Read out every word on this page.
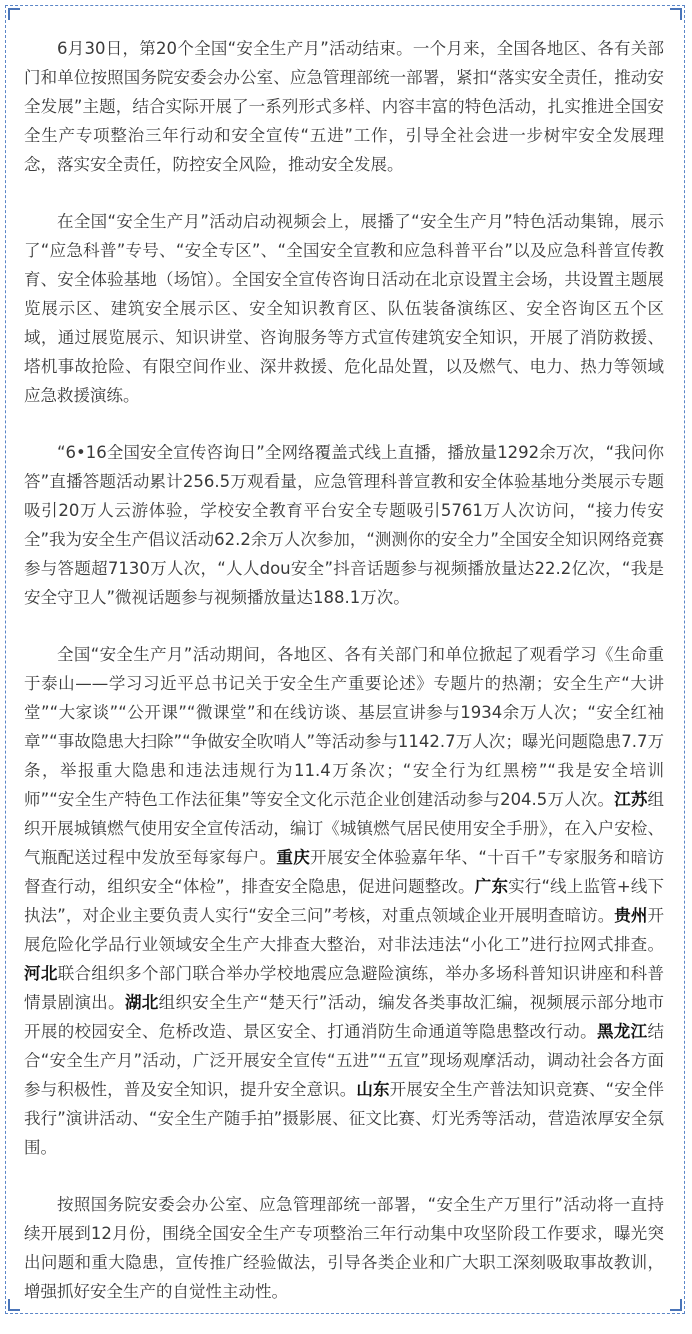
6月30日，第20个全国“安全生产月”活动结束。一个月来，全国各地区、各有关部门和单位按照国务院安委会办公室、应急管理部统一部署，紧扣“落实安全责任，推动安全发展”主题，结合实际开展了一系列形式多样、内容丰富的特色活动，扎实推进全国安全生产专项整治三年行动和安全宣传“五进”工作，引导全社会进一步树牢安全发展理念，落实安全责任，防控安全风险，推动安全发展。

在全国“安全生产月”活动启动视频会上，展播了“安全生产月”特色活动集锦，展示了“应急科普”专号、“安全专区”、“全国安全宣教和应急科普平台”以及应急科普宣传教育、安全体验基地（场馆）。全国安全宣传咨询日活动在北京设置主会场，共设置主题展览展示区、建筑安全展示区、安全知识教育区、队伍装备演练区、安全咨询区五个区域，通过展览展示、知识讲堂、咨询服务等方式宣传建筑安全知识，开展了消防救援、塔机事故抢险、有限空间作业、深井救援、危化品处置，以及燃气、电力、热力等领域应急救援演练。

“6•16全国安全宣传咨询日”全网络覆盖式线上直播，播放量1292余万次，“我问你答”直播答题活动累计256.5万观看量，应急管理科普宣教和安全体验基地分类展示专题吸引20万人云游体验，学校安全教育平台安全专题吸引5761万人次访问，“接力传安全”我为安全生产倡议活动62.2余万人次参加，“测测你的安全力”全国安全知识网络竞赛参与答题超7130万人次，“人人dou安全”抖音话题参与视频播放量达22.2亿次，“我是安全守卫人”微视话题参与视频播放量达188.1万次。

全国“安全生产月”活动期间，各地区、各有关部门和单位掀起了观看学习《生命重于泰山——学习习近平总书记关于安全生产重要论述》专题片的热潮；安全生产“大讲堂”“大家谈”“公开课”“微课堂”和在线访谈、基层宣讲参与1934余万人次；“安全红袖章”“事故隐患大扫除”“争做安全吹哨人”等活动参与1142.7万人次；曝光问题隐患7.7万条，举报重大隐患和违法违规行为11.4万条次；“安全行为红黑榜”“我是安全培训师”“安全生产特色工作法征集”等安全文化示范企业创建活动参与204.5万人次。江苏组织开展城镇燃气使用安全宣传活动，编订《城镇燃气居民使用安全手册》，在入户安检、气瓶配送过程中发放至每家每户。重庆开展安全体验嘉年华、“十百千”专家服务和暗访督查行动，组织安全“体检”，排查安全隐患，促进问题整改。广东实行“线上监管+线下执法”，对企业主要负责人实行“安全三问”考核，对重点领域企业开展明查暗访。贵州开展危险化学品行业领域安全生产大排查大整治，对非法违法“小化工”进行拉网式排查。河北联合组织多个部门联合举办学校地震应急避险演练，举办多场科普知识讲座和科普情景剧演出。湖北组织安全生产“楚天行”活动，编发各类事故汇编，视频展示部分地市开展的校园安全、危桥改造、景区安全、打通消防生命通道等隐患整改行动。黑龙江结合“安全生产月”活动，广泛开展安全宣传“五进”“五宣”现场观摩活动，调动社会各方面参与积极性，普及安全知识，提升安全意识。山东开展安全生产普法知识竞赛、“安全伴我行”演讲活动、“安全生产随手拍”摄影展、征文比赛、灯光秀等活动，营造浓厚安全氛围。

按照国务院安委会办公室、应急管理部统一部署，“安全生产万里行”活动将一直持续开展到12月份，围绕全国安全生产专项整治三年行动集中攻坚阶段工作要求，曝光突出问题和重大隐患，宣传推广经验做法，引导各类企业和广大职工深刻吸取事故教训，增强抓好安全生产的自觉性主动性。
